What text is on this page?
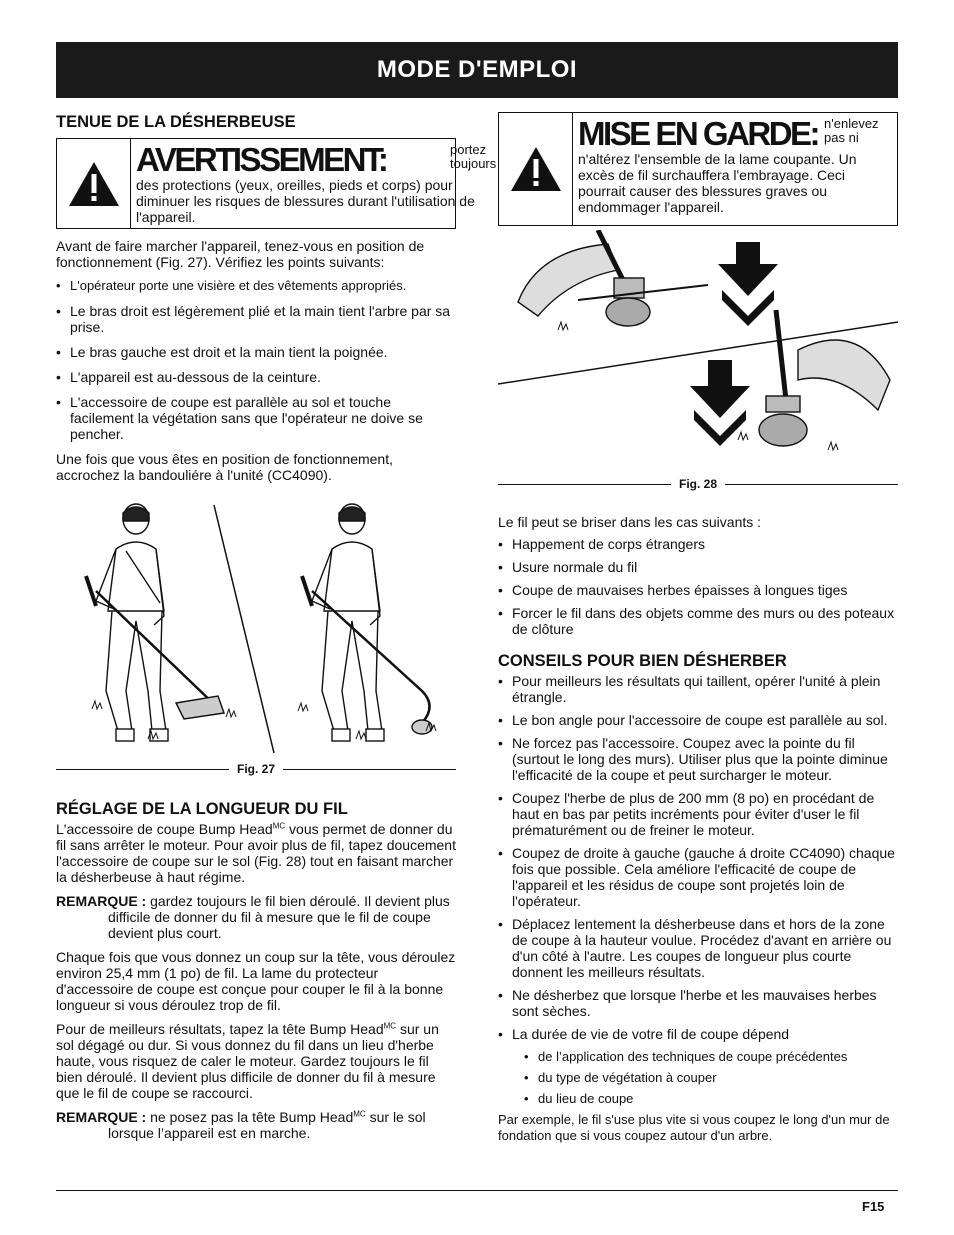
MODE D'EMPLOI
TENUE DE LA DÉSHERBEUSE
AVERTISSEMENT:	portez toujours
des protections (yeux, oreilles, pieds et corps) pour diminuer les risques de blessures durant l'utilisation de l'appareil.

Avant de faire marcher l'appareil, tenez-vous en position de fonctionnement (Fig. 27). Vérifiez les points suivants:

• L'opérateur porte une visière et des vêtements appropriés.
• Le bras droit est légèrement plié et la main tient l'arbre par sa prise.
• Le bras gauche est droit et la main tient la poignée.
• L'appareil est au-dessous de la ceinture.
• L'accessoire de coupe est parallèle au sol et touche facilement la végétation sans que l'opérateur ne doive se pencher.

Une fois que vous êtes en position de fonctionnement, accrochez la bandouliére à l'unité (CC4090).

Fig. 27
RÉGLAGE DE LA LONGUEUR DU FIL

L'accessoire de coupe Bump Head$^{MC}$ vous permet de donner du fil sans arrêter le moteur. Pour avoir plus de fil, tapez doucement l'accessoire de coupe sur le sol (Fig. 28) tout en faisant marcher la désherbeuse à haut régime.

REMARQUE : gardez toujours le fil bien déroulé. Il devient plus difficile de donner du fil à mesure que le fil de coupe devient plus court.

Chaque fois que vous donnez un coup sur la tête, vous déroulez environ 25,4 mm (1 po) de fil. La lame du protecteur d'accessoire de coupe est conçue pour couper le fil à la bonne longueur si vous déroulez trop de fil.

Pour de meilleurs résultats, tapez la tête Bump Head$^{MC}$ sur un sol dégagé ou dur. Si vous donnez du fil dans un lieu d'herbe haute, vous risquez de caler le moteur. Gardez toujours le fil bien déroulé. Il devient plus difficile de donner du fil à mesure que le fil de coupe se raccourci.

REMARQUE : ne posez pas la tête Bump Head$^{MC}$ sur le sol lorsque l’appareil est en marche.

MISE EN GARDE: n'enlevez pas ni
n'altérez l'ensemble de la lame coupante. Un excès de fil surchauffera l'embrayage. Ceci pourrait causer des blessures graves ou endommager l'appareil.
Fig. 28

Le fil peut se briser dans les cas suivants :

• Happement de corps étrangers
• Usure normale du fil
• Coupe de mauvaises herbes épaisses à longues tiges
• Forcer le fil dans des objets comme des murs ou des poteaux de clôture
CONSEILS POUR BIEN DÉSHERBER
• Pour meilleurs les résultats qui taillent, opérer l'unité à plein étrangle.
• Le bon angle pour l'accessoire de coupe est parallèle au sol.
• Ne forcez pas l'accessoire. Coupez avec la pointe du fil (surtout le long des murs). Utiliser plus que la pointe diminue l'efficacité de la coupe et peut surcharger le moteur.
• Coupez l'herbe de plus de 200 mm (8 po) en procédant de haut en bas par petits incréments pour éviter d'user le fil prématurément ou de freiner le moteur.
• Coupez de droite à gauche (gauche á droite CC4090) chaque fois que possible. Cela améliore l'efficacité de coupe de l'appareil et les résidus de coupe sont projetés loin de l'opérateur.
• Déplacez lentement la désherbeuse dans et hors de la zone de coupe à la hauteur voulue. Procédez d'avant en arrière ou d'un côté à l'autre. Les coupes de longueur plus courte donnent les meilleurs résultats.
• Ne désherbez que lorsque l'herbe et les mauvaises herbes sont sèches.
• La durée de vie de votre fil de coupe dépend
• de l’application des techniques de coupe précédentes
• du type de végétation à couper
• du lieu de coupe

Par exemple, le fil s'use plus vite si vous coupez le long d'un mur de fondation que si vous coupez autour d'un arbre.

F15
